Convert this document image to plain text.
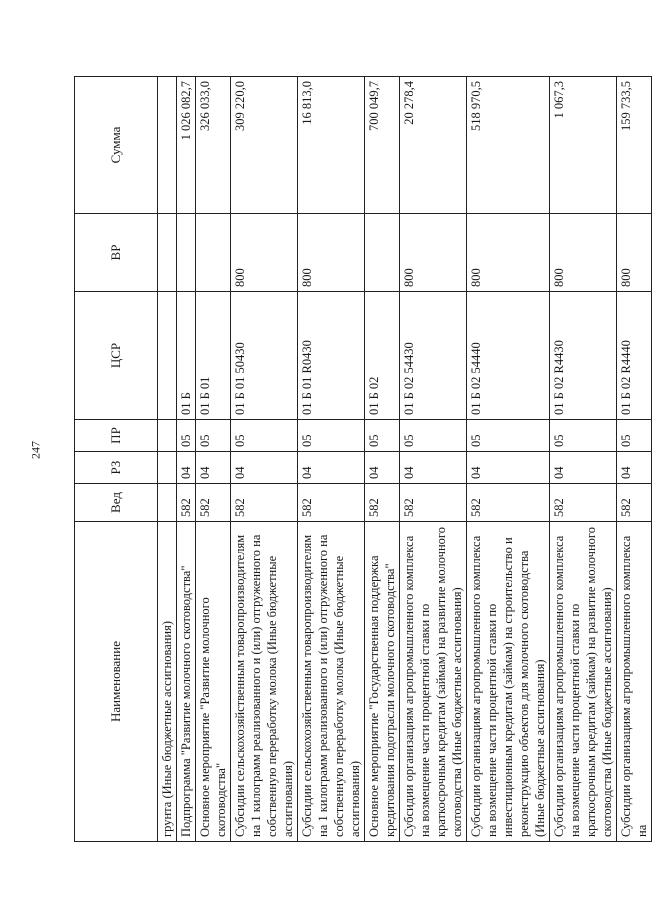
247
Наименование	Вед	РЗ	ПР	ЦСР	ВР	Сумма
грунта (Иные бюджетные ассигнования)						
Подпрограмма "Развитие молочного скотоводства"	582	04	05	01 Б		1 026 082,7
Основное мероприятие "Развитие молочного скотоводства"	582	04	05	01 Б 01		326 033,0
Субсидии сельскохозяйственным товаропроизводителям на 1 килограмм реализованного и (или) отгруженного на собственную переработку молока (Иные бюджетные ассигнования)	582	04	05	01 Б 01 50430	800	309 220,0
Субсидии сельскохозяйственным товаропроизводителям на 1 килограмм реализованного и (или) отгруженного на собственную переработку молока (Иные бюджетные ассигнования)	582	04	05	01 Б 01 R0430	800	16 813,0
Основное мероприятие "Государственная поддержка кредитования подотрасли молочного скотоводства"	582	04	05	01 Б 02		700 049,7
Субсидии организациям агропромышленного комплекса на возмещение части процентной ставки по краткосрочным кредитам (займам) на развитие молочного скотоводства (Иные бюджетные ассигнования)	582	04	05	01 Б 02 54430	800	20 278,4
Субсидии организациям агропромышленного комплекса на возмещение части процентной ставки по инвестиционным кредитам (займам) на строительство и реконструкцию объектов для молочного скотоводства (Иные бюджетные ассигнования)	582	04	05	01 Б 02 54440	800	518 970,5
Субсидии организациям агропромышленного комплекса на возмещение части процентной ставки по краткосрочным кредитам (займам) на развитие молочного скотоводства (Иные бюджетные ассигнования)	582	04	05	01 Б 02 R4430	800	1 067,3
Субсидии организациям агропромышленного комплекса на	582	04	05	01 Б 02 R4440	800	159 733,5
